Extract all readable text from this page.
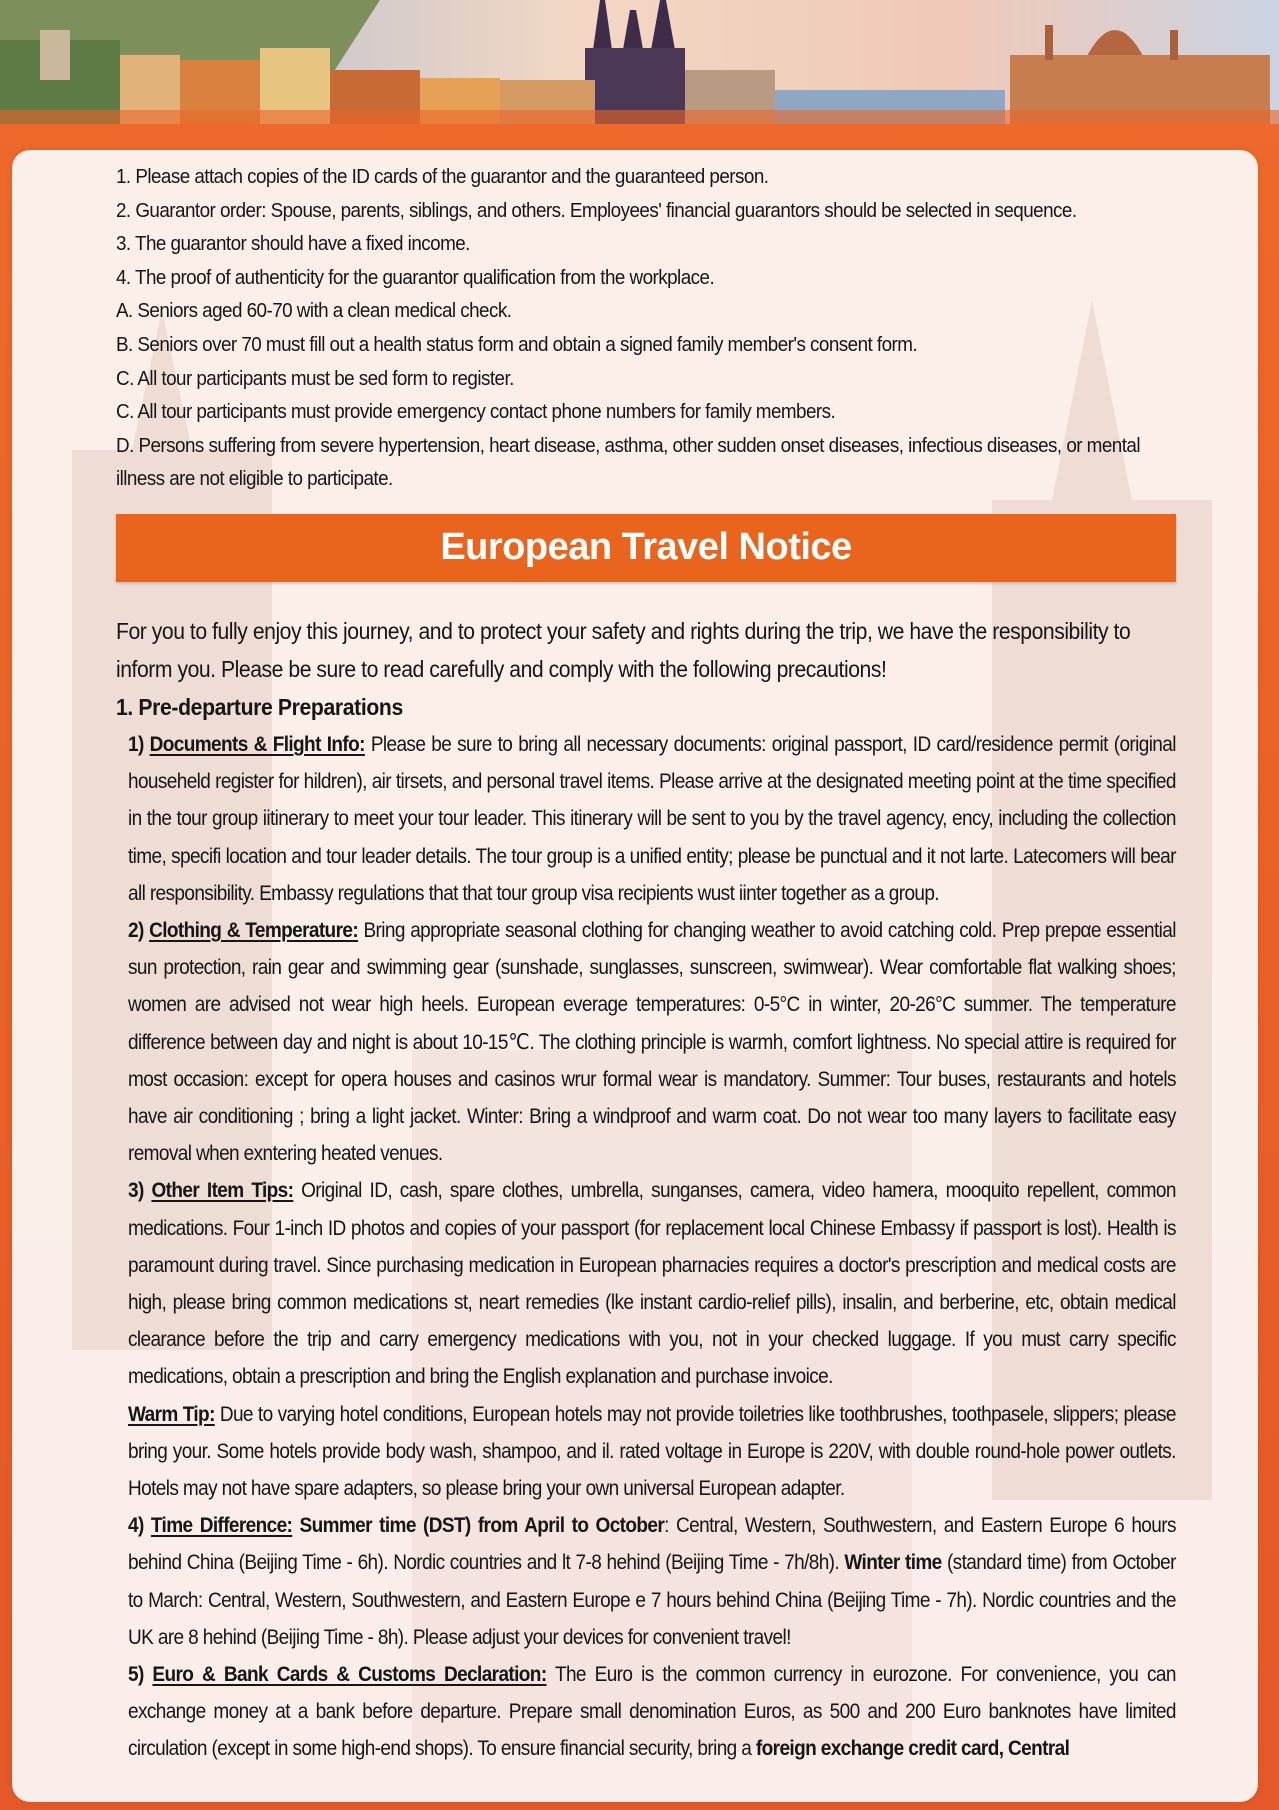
1. Please attach copies of the ID cards of the guarantor and the guaranteed person.

2. Guarantor order: Spouse, parents, siblings, and others. Employees' financial guarantors should be selected in sequence.

3. The guarantor should have a fixed income.

4. The proof of authenticity for the guarantor qualification from the workplace.

A. Seniors aged 60-70 with a clean medical check.

B. Seniors over 70 must fill out a health status form and obtain a signed family member's consent form.

C. All tour participants must be sed form to register.

C. All tour participants must provide emergency contact phone numbers for family members.

D. Persons suffering from severe hypertension, heart disease, asthma, other sudden onset diseases, infectious diseases, or mental illness are not eligible to participate.

European Travel Notice

For you to fully enjoy this journey, and to protect your safety and rights during the trip, we have the responsibility to inform you. Please be sure to read carefully and comply with the following precautions!

1. Pre-departure Preparations

1) Documents & Flight Info: Please be sure to bring all necessary documents: original passport, ID card/residence permit (original househeld register for hildren), air tirsets, and personal travel items. Please arrive at the designated meeting point at the time specified in the tour group iitinerary to meet your tour leader. This itinerary will be sent to you by the travel agency, ency, including the collection time, specifi location and tour leader details. The tour group is a unified entity; please be punctual and it not larte. Latecomers will bear all responsibility. Embassy regulations that that tour group visa recipients wust iinter together as a group.

2) Clothing & Temperature: Bring appropriate seasonal clothing for changing weather to avoid catching cold. Prep prepαe essential sun protection, rain gear and swimming gear (sunshade, sunglasses, sunscreen, swimwear). Wear comfortable flat walking shoes; women are advised not wear high heels. European everage temperatures: 0-5°C in winter, 20-26°C summer. The temperature difference between day and night is about 10-15℃. The clothing principle is warmh, comfort lightness. No special attire is required for most occasion: except for opera houses and casinos wrur formal wear is mandatory. Summer: Tour buses, restaurants and hotels have air conditioning ; bring a light jacket. Winter: Bring a windproof and warm coat. Do not wear too many layers to facilitate easy removal when exntering heated venues.

3) Other Item Tips: Original ID, cash, spare clothes, umbrella, sunganses, camera, video hamera, mooquito repellent, common medications. Four 1-inch ID photos and copies of your passport (for replacement local Chinese Embassy if passport is lost). Health is paramount during travel. Since purchasing medication in European pharnacies requires a doctor's prescription and medical costs are high, please bring common medications st, neart remedies (lke instant cardio-relief pills), insalin, and berberine, etc, obtain medical clearance before the trip and carry emergency medications with you, not in your checked luggage. If you must carry specific medications, obtain a prescription and bring the English explanation and purchase invoice.

Warm Tip: Due to varying hotel conditions, European hotels may not provide toiletries like toothbrushes, toothpasele, slippers; please bring your. Some hotels provide body wash, shampoo, and il. rated voltage in Europe is 220V, with double round-hole power outlets. Hotels may not have spare adapters, so please bring your own universal European adapter.

4) Time Difference: Summer time (DST) from April to October: Central, Western, Southwestern, and Eastern Europe 6 hours behind China (Beijing Time - 6h). Nordic countries and lt 7-8 hehind (Beijing Time - 7h/8h). Winter time (standard time) from October to March: Central, Western, Southwestern, and Eastern Europe e 7 hours behind China (Beijing Time - 7h). Nordic countries and the UK are 8 hehind (Beijing Time - 8h). Please adjust your devices for convenient travel!

5) Euro & Bank Cards & Customs Declaration: The Euro is the common currency in eurozone. For convenience, you can exchange money at a bank before departure. Prepare small denomination Euros, as 500 and 200 Euro banknotes have limited circulation (except in some high-end shops). To ensure financial security, bring a foreign exchange credit card, Central
